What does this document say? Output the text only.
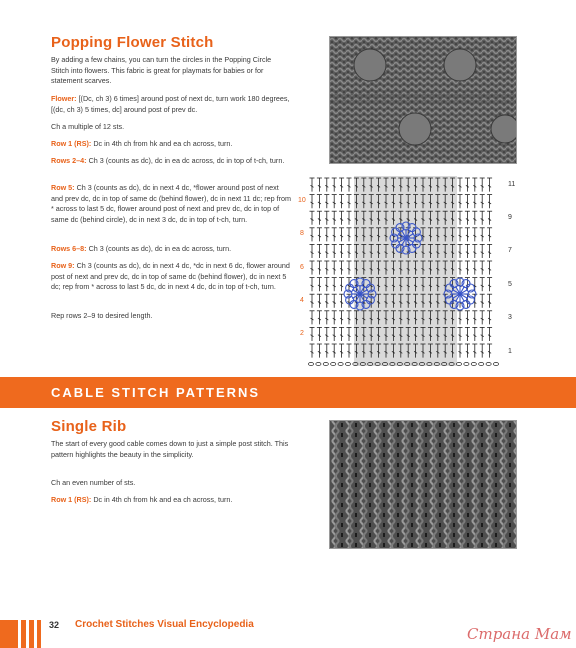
Popping Flower Stitch

By adding a few chains, you can turn the circles in the Popping Circle Stitch into flowers. This fabric is great for playmats for babies or for statement scarves.

Flower: [(Dc, ch 3) 6 times] around post of next dc, turn work 180 degrees, [(dc, ch 3) 5 times, dc] around post of prev dc.

Ch a multiple of 12 sts.

Row 1 (RS): Dc in 4th ch from hk and ea ch across, turn.

Rows 2–4: Ch 3 (counts as dc), dc in ea dc across, dc in top of t-ch, turn.

Row 5: Ch 3 (counts as dc), dc in next 4 dc, *flower around post of next and prev dc, dc in top of same dc (behind flower), dc in next 11 dc; rep from * across to last 5 dc, flower around post of next and prev dc, dc in top of same dc (behind circle), dc in next 3 dc, dc in top of t-ch, turn.

Rows 6–8: Ch 3 (counts as dc), dc in ea dc across, turn.

Row 9: Ch 3 (counts as dc), dc in next 4 dc, *dc in next 6 dc, flower around post of next and prev dc, dc in top of same dc (behind flower), dc in next 5 dc; rep from * across to last 5 dc, dc in next 4 dc, dc in top of t-ch, turn.

Rep rows 2–9 to desired length.

11
9
7
5
3
1
10
8
6
4
2
CABLE STITCH PATTERNS
Single Rib

The start of every good cable comes down to just a simple post stitch. This pattern highlights the beauty in the simplicity.

Ch an even number of sts.

Row 1 (RS): Dc in 4th ch from hk and ea ch across, turn.

32 Crochet Stitches Visual Encyclopedia
Страна Мам
